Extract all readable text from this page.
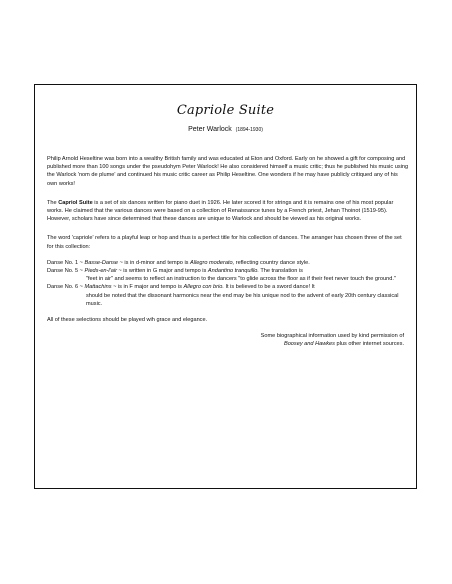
Capriole Suite
Peter Warlock (1894-1930)

Philip Arnold Heseltine was born into a wealthy British family and was educated at Eton and Oxford. Early on he showed a gift for composing and published more than 100 songs under the pseudohym Peter Warlock! He also considered himself a music critic; thus he published his music using the Warlock 'nom de plume' and continued his music critic career as Philip Heseltine. One wonders if he may have publicly critiqued any of his own works!

The Capriol Suite is a set of six dances written for piano duet in 1926. He later scored it for strings and it is remains one of his most popular works. He claimed that the various dances were based on a collection of Renaissance tunes by a French priest, Jehan Thoinot (1519-95). However, scholars have since determined that these dances are unique to Warlock and should be viewed as his original works.

The word 'capriole' refers to a playful leap or hop and thus is a perfect title for his collection of dances. The arranger has chosen three of the set for this collection:

Danse No. 1 ~ Basse-Danse ~ is in d-minor and tempo is Allegro moderato, reflecting country dance style.
Danse No. 5 ~ Pieds-en-l'air ~ is written in G major and tempo is Andantino tranquillo. The translation is
"feet in air" and seems to reflect an instruction to the dancers "to glide across the floor as if their feet never touch the ground."
Danse No. 6 ~ Mattachins ~ is in F major and tempo is Allegro con brio. It is believed to be a sword dance! It
should be noted that the dissonant harmonics near the end may be his unique nod to the advent of early 20th century classical music.

All of these selections should be played wih grace and elegance.

Some biographical information used by kind permission of
Boosey and Hawkes plus other internet sources.
